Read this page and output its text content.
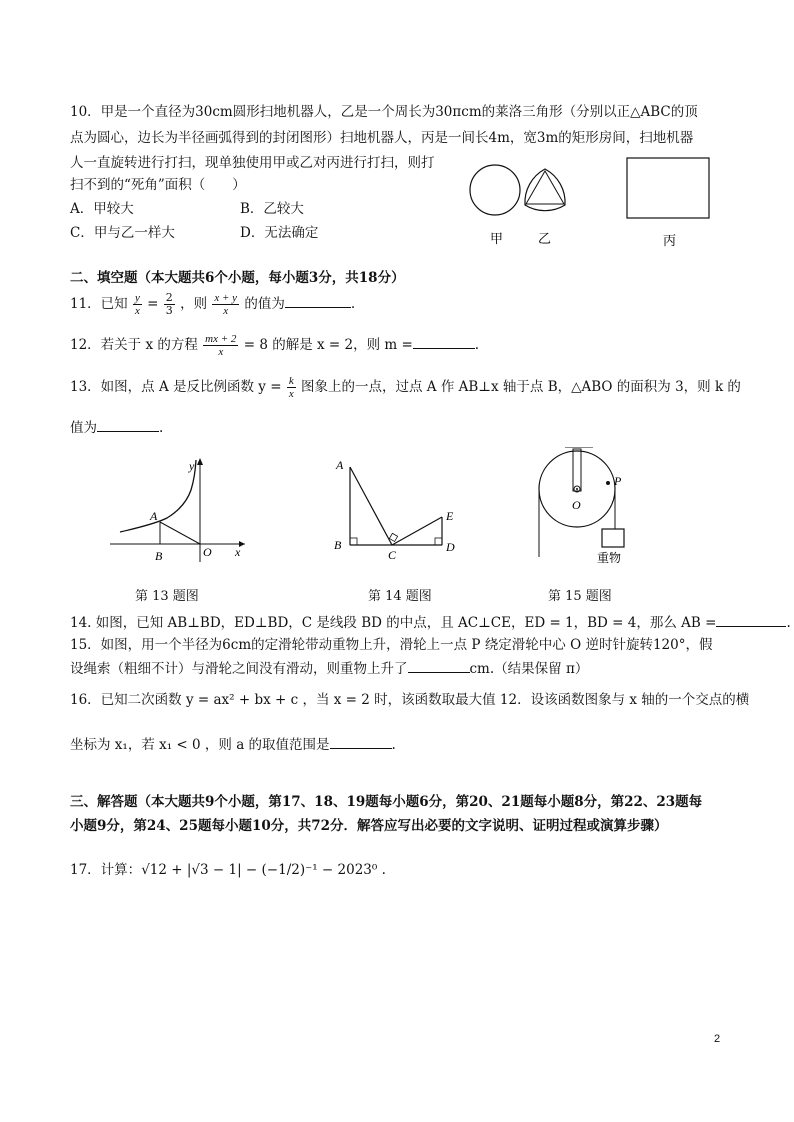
10．甲是一个直径为30cm圆形扫地机器人，乙是一个周长为30πcm的莱洛三角形（分别以正△ABC的顶
点为圆心，边长为半径画弧得到的封闭图形）扫地机器人，丙是一间长4m，宽3m的矩形房间，扫地机器
人一直旋转进行打扫，现单独使用甲或乙对丙进行打扫，则打
扫不到的“死角”面积（　　）
A．甲较大	B．乙较大
C．甲与乙一样大	D．无法确定	甲	乙	丙
二、填空题（本大题共6个小题，每小题3分，共18分）
11．已知 $\frac{y}{x} = \frac{2}{3}$ ，则 $\frac{x + y}{x}$ 的值为	.
12．若关于 x 的方程 $\frac{mx + 2}{x} = 8$ 的解是 x = 2，则 m =	.
13．如图，点 A 是反比例函数 $y = \frac{k}{x}$ 图象上的一点，过点 A 作 AB⊥x 轴于点 B，△ABO 的面积为 3，则 k 的
值为	.
y
x
A
B	O
第 13 题图
A
B
C
D
E
第 14 题图
O
P
重物
第 15 题图
14. 如图，已知 AB⊥BD，ED⊥BD，C 是线段 BD 的中点，且 AC⊥CE，ED = 1，BD = 4，那么 AB =	.
15．如图，用一个半径为6cm的定滑轮带动重物上升，滑轮上一点 P 绕定滑轮中心 O 逆时针旋转120°，假
设绳索（粗细不计）与滑轮之间没有滑动，则重物上升了	cm.（结果保留 π）
16．已知二次函数 y = ax² + bx + c ，当 x = 2 时，该函数取最大值 12．设该函数图象与 x 轴的一个交点的横
坐标为 x₁，若 x₁ < 0 ，则 a 的取值范围是	.
三、解答题（本大题共9个小题，第17、18、19题每小题6分，第20、21题每小题8分，第22、23题每
小题9分，第24、25题每小题10分，共72分．解答应写出必要的文字说明、证明过程或演算步骤）
17．计算：√12 + |√3 − 1| − (−1/2)⁻¹ − 2023⁰ .
2
